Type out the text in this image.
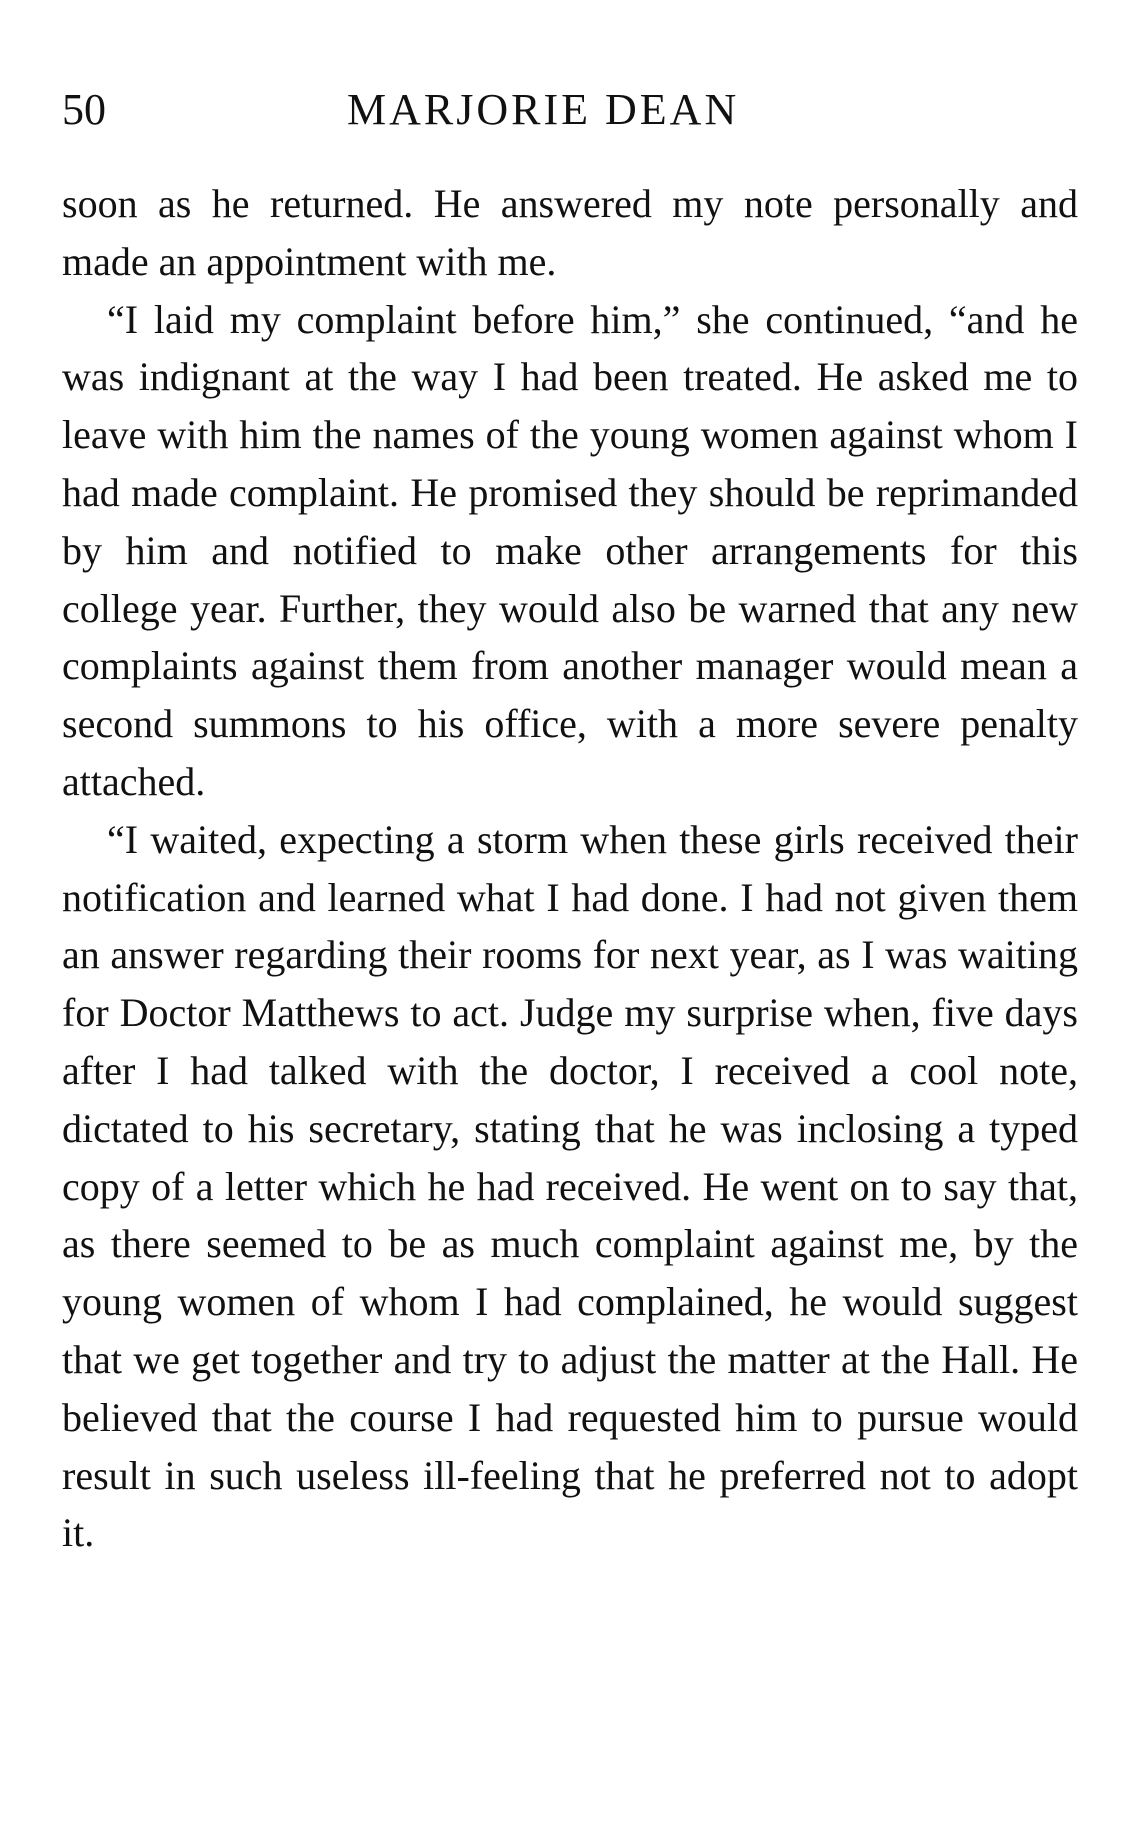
50	MARJORIE DEAN

soon as he returned. He answered my note personally and made an appointment with me.

“I laid my complaint before him,” she continued, “and he was indignant at the way I had been treated. He asked me to leave with him the names of the young women against whom I had made complaint. He promised they should be reprimanded by him and notified to make other arrangements for this college year. Further, they would also be warned that any new complaints against them from another manager would mean a second summons to his office, with a more severe penalty attached.

“I waited, expecting a storm when these girls received their notification and learned what I had done. I had not given them an answer regarding their rooms for next year, as I was waiting for Doctor Matthews to act. Judge my surprise when, five days after I had talked with the doctor, I received a cool note, dictated to his secretary, stating that he was inclosing a typed copy of a letter which he had received. He went on to say that, as there seemed to be as much complaint against me, by the young women of whom I had complained, he would suggest that we get together and try to adjust the matter at the Hall. He believed that the course I had requested him to pursue would result in such useless ill-feeling that he preferred not to adopt it.
